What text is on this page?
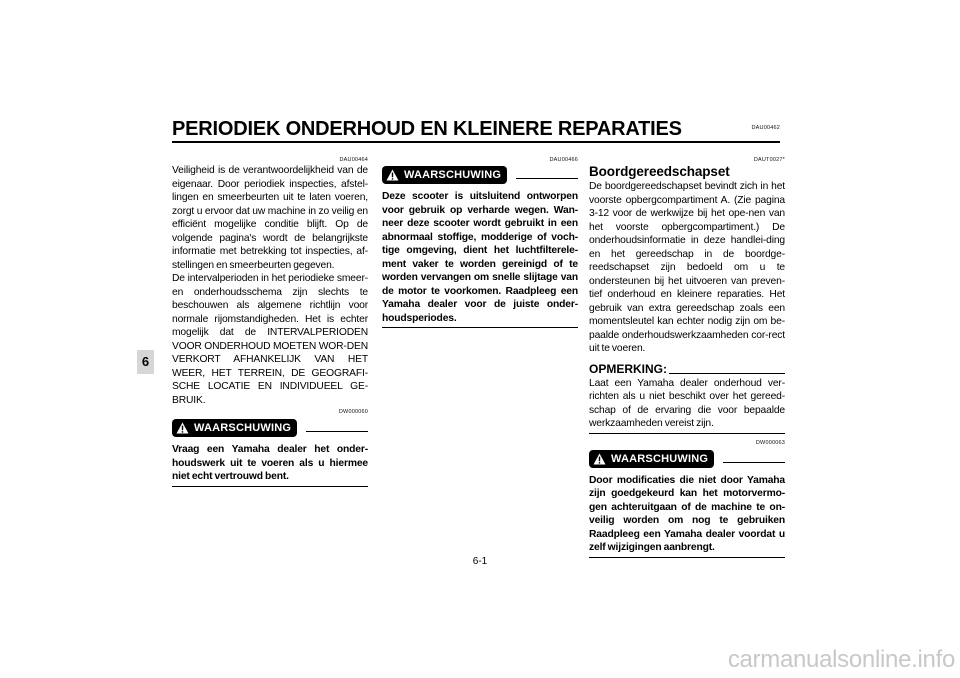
PERIODIEK ONDERHOUD EN KLEINERE REPARATIES	DAU00462
6
DAU00464

Veiligheid is de verantwoordelijkheid van de eigenaar. Door periodiek inspecties, afstel-lingen en smeerbeurten uit te laten voeren, zorgt u ervoor dat uw machine in zo veilig en efficiënt mogelijke conditie blijft. Op de volgende pagina's wordt de belangrijkste informatie met betrekking tot inspecties, af-stellingen en smeerbeurten gegeven.

De intervalperioden in het periodieke smeer- en onderhoudsschema zijn slechts te beschouwen als algemene richtlijn voor normale rijomstandigheden. Het is echter mogelijk dat de INTERVALPERIODEN VOOR ONDERHOUD MOETEN WOR-DEN VERKORT AFHANKELIJK VAN HET WEER, HET TERREIN, DE GEOGRAFI-SCHE LOCATIE EN INDIVIDUEEL GE-BRUIK.

DW000060
WAARSCHUWING

Vraag een Yamaha dealer het onder-houdswerk uit te voeren als u hiermee niet echt vertrouwd bent.

DAU00466
WAARSCHUWING

Deze scooter is uitsluitend ontworpen voor gebruik op verharde wegen. Wan-neer deze scooter wordt gebruikt in een abnormaal stoffige, modderige of voch-tige omgeving, dient het luchtfilterele-ment vaker te worden gereinigd of te worden vervangen om snelle slijtage van de motor te voorkomen. Raadpleeg een Yamaha dealer voor de juiste onder-houdsperiodes.

DAUT0027*
Boordgereedschapset

De boordgereedschapset bevindt zich in het voorste opbergcompartiment A. (Zie pagina 3-12 voor de werkwijze bij het ope-nen van het voorste opbergcompartiment.) De onderhoudsinformatie in deze handlei-ding en het gereedschap in de boordge-reedschapset zijn bedoeld om u te ondersteunen bij het uitvoeren van preven-tief onderhoud en kleinere reparaties. Het gebruik van extra gereedschap zoals een momentsleutel kan echter nodig zijn om be-paalde onderhoudswerkzaamheden cor-rect uit te voeren.

OPMERKING:

Laat een Yamaha dealer onderhoud ver-richten als u niet beschikt over het gereed-schap of de ervaring die voor bepaalde werkzaamheden vereist zijn.

DW000063
WAARSCHUWING

Door modificaties die niet door Yamaha zijn goedgekeurd kan het motorvermo-gen achteruitgaan of de machine te on-veilig worden om nog te gebruiken Raadpleeg een Yamaha dealer voordat u zelf wijzigingen aanbrengt.

6-1
carmanualsonline.info
